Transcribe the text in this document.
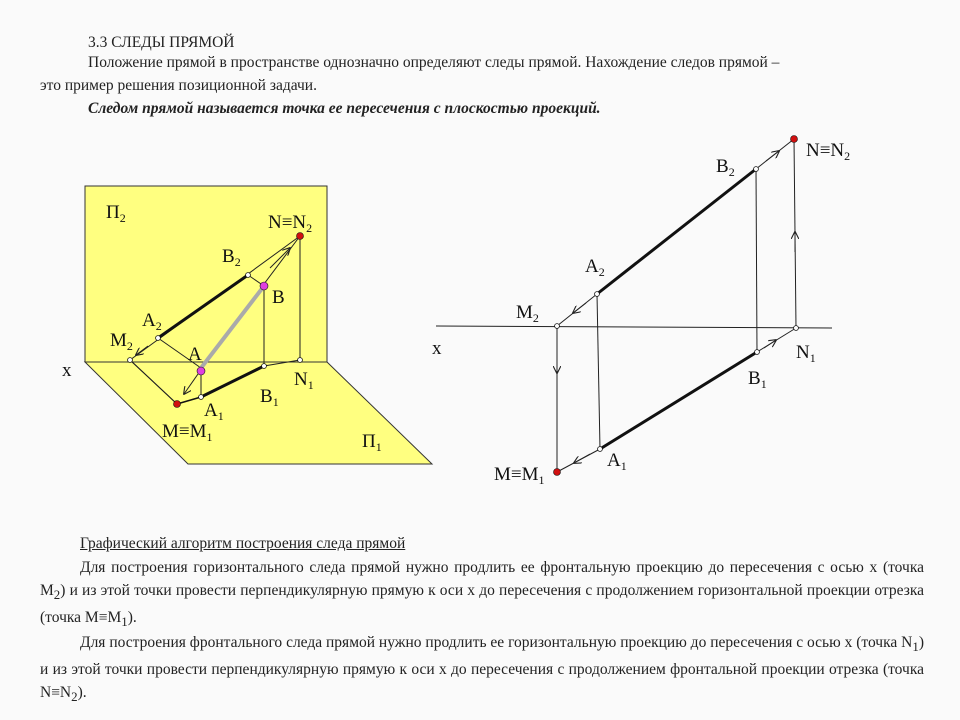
3.3 СЛЕДЫ ПРЯМОЙ
Положение прямой в пространстве однозначно определяют следы прямой. Нахождение следов прямой –
это пример решения позиционной задачи.
Следом прямой называется точка ее пересечения с плоскостью проекций.
$П_2$
$П_1$
x
$N\equiv N_2$
$B_2$
B
$A_2$
$M_2$	A
$N_1$
$B_1$
$A_1$
$M\equiv M_1$
$N\equiv N_2$
$B_2$
$A_2$
$M_2$
x	$N_1$
$B_1$
$A_1$
$M\equiv M_1$
Графический алгоритм построения следа прямой
Для построения горизонтального следа прямой нужно продлить ее фронтальную проекцию до пересечения с осью x (точка $M_2$) и из этой точки провести перпендикулярную прямую к оси x до пересечения с продолжением горизонтальной проекции отрезка (точка $M\equiv M_1$).
Для построения фронтального следа прямой нужно продлить ее горизонтальную проекцию до пересечения с осью x (точка $N_1$) и из этой точки провести перпендикулярную прямую к оси x до пересечения с продолжением фронтальной проекции отрезка (точка $N\equiv N_2$).
